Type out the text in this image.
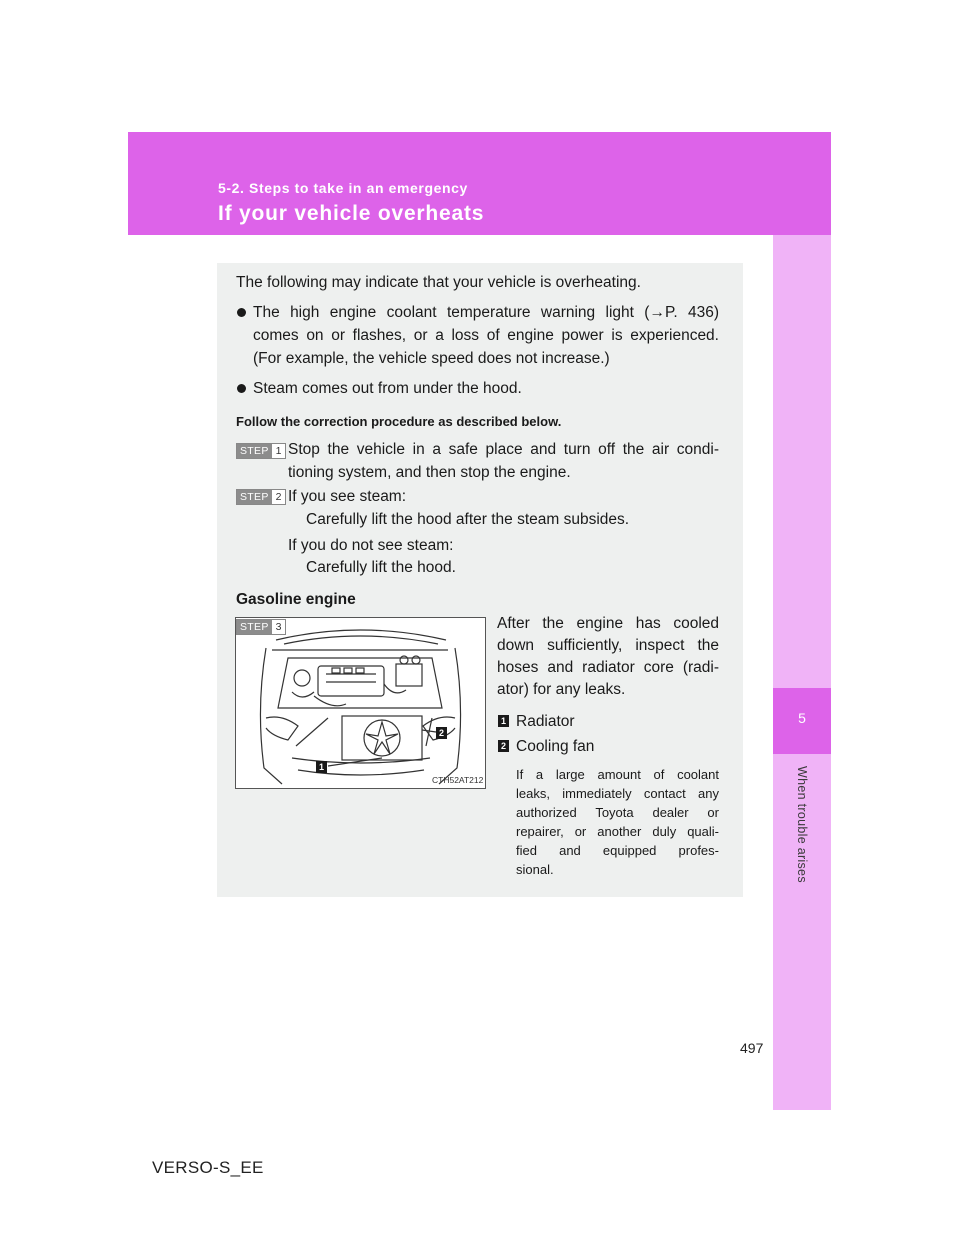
5-2. Steps to take in an emergency
If your vehicle overheats
5
When trouble arises
The following may indicate that your vehicle is overheating.
The high engine coolant temperature warning light (→P. 436)
comes on or flashes, or a loss of engine power is experienced.
(For example, the vehicle speed does not increase.)
Steam comes out from under the hood.
Follow the correction procedure as described below.
STEP 1 Stop the vehicle in a safe place and turn off the air condi-
tioning system, and then stop the engine.
STEP 2 If you see steam:
Carefully lift the hood after the steam subsides.
If you do not see steam:
Carefully lift the hood.
Gasoline engine
STEP 3
1
2
CTH52AT212
After the engine has cooled
down sufficiently, inspect the
hoses and radiator core (radi-
ator) for any leaks.
1 Radiator
2 Cooling fan
If a large amount of coolant
leaks, immediately contact any
authorized Toyota dealer or
repairer, or another duly quali-
fied and equipped profes-
sional.
497
VERSO-S_EE
